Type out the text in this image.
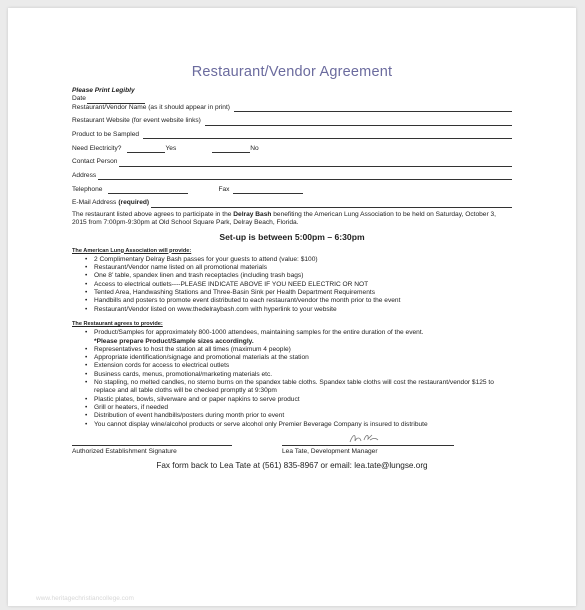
Restaurant/Vendor Agreement
Please Print Legibly
Date
Restaurant/Vendor Name (as it should appear in print)
Restaurant Website (for event website links)
Product to be Sampled
Need Electricity?	Yes	No
Contact Person
Address
Telephone	Fax
E-Mail Address (required)
The restaurant listed above agrees to participate in the Delray Bash benefiting the American Lung Association to be held on Saturday, October 3, 2015 from 7:00pm-9:30pm at Old School Square Park, Delray Beach, Florida.
Set-up is between 5:00pm – 6:30pm
The American Lung Association will provide:
• 2 Complimentary Delray Bash passes for your guests to attend (value: $100)
• Restaurant/Vendor name listed on all promotional materials
• One 8’ table, spandex linen and trash receptacles (including trash bags)
• Access to electrical outlets----PLEASE INDICATE ABOVE IF YOU NEED ELECTRIC OR NOT
• Tented Area, Handwashing Stations and Three-Basin Sink per Health Department Requirements
• Handbills and posters to promote event distributed to each restaurant/vendor the month prior to the event
• Restaurant/Vendor listed on www.thedelraybash.com with hyperlink to your website
The Restaurant agrees to provide:
• Product/Samples for approximately 800-1000 attendees, maintaining samples for the entire duration of the event.
*Please prepare Product/Sample sizes accordingly.
• Representatives to host the station at all times (maximum 4 people)
• Appropriate identification/signage and promotional materials at the station
• Extension cords for access to electrical outlets
• Business cards, menus, promotional/marketing materials etc.
• No stapling, no melted candles, no sterno burns on the spandex table cloths. Spandex table cloths will cost the restaurant/vendor $125 to replace and all table cloths will be checked promptly at 9:30pm
• Plastic plates, bowls, silverware and or paper napkins to serve product
• Grill or heaters, if needed
• Distribution of event handbills/posters during month prior to event
• You cannot display wine/alcohol products or serve alcohol only Premier Beverage Company is insured to distribute
Authorized Establishment Signature	Lea Tate, Development Manager
Fax form back to Lea Tate at (561) 835-8967 or email: lea.tate@lungse.org
www.heritagechristiancollege.com
